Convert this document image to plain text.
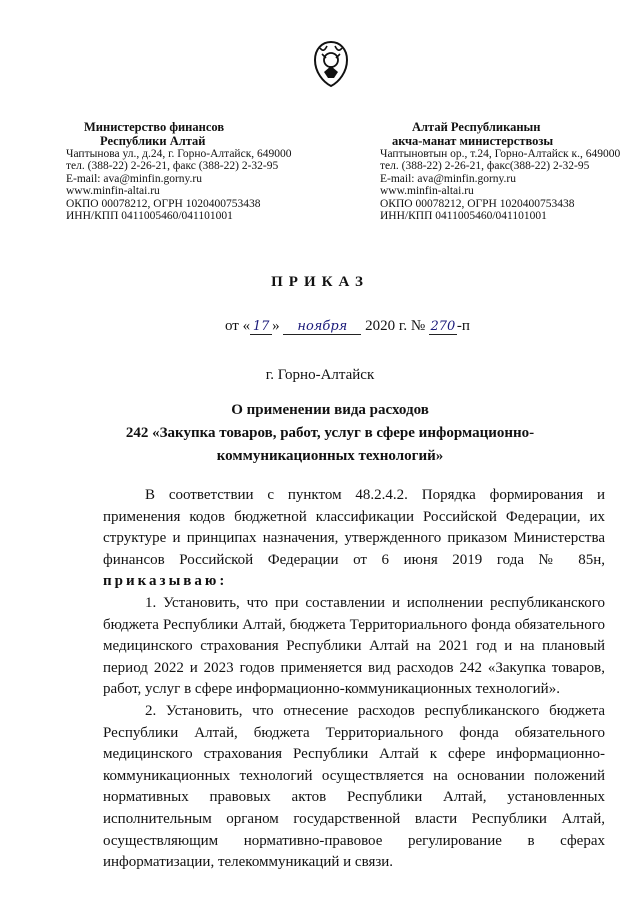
Министерство финансов
Республики Алтай
Чаптынова ул., д.24, г. Горно-Алтайск, 649000
тел. (388-22) 2-26-21, факс (388-22) 2-32-95
E-mail: ava@minfin.gorny.ru
www.minfin-altai.ru
ОКПО 00078212, ОГРН 1020400753438
ИНН/КПП 0411005460/041101001
Алтай Республиканын
акча-манат министерствозы
Чаптыновтын ор., т.24, Горно-Алтайск к., 649000
тел. (388-22) 2-26-21, факс(388-22) 2-32-95
E-mail: ava@minfin.gorny.ru
www.minfin-altai.ru
ОКПО 00078212, ОГРН 1020400753438
ИНН/КПП 0411005460/041101001
ПРИКАЗ
от « 17 » ноября 2020 г. № 270 -п
г. Горно-Алтайск
О применении вида расходов
242 «Закупка товаров, работ, услуг в сфере информационно-
коммуникационных технологий»

В соответствии с пунктом 48.2.4.2. Порядка формирования и применения кодов бюджетной классификации Российской Федерации, их структуре и принципах назначения, утвержденного приказом Министерства финансов Российской Федерации от 6 июня 2019 года № 85н, приказываю:

1. Установить, что при составлении и исполнении республиканского бюджета Республики Алтай, бюджета Территориального фонда обязательного медицинского страхования Республики Алтай на 2021 год и на плановый период 2022 и 2023 годов применяется вид расходов 242 «Закупка товаров, работ, услуг в сфере информационно-коммуникационных технологий».

2. Установить, что отнесение расходов республиканского бюджета Республики Алтай, бюджета Территориального фонда обязательного медицинского страхования Республики Алтай к сфере информационно-коммуникационных технологий осуществляется на основании положений нормативных правовых актов Республики Алтай, установленных исполнительным органом государственной власти Республики Алтай, осуществляющим нормативно-правовое регулирование в сферах информатизации, телекоммуникаций и связи.
